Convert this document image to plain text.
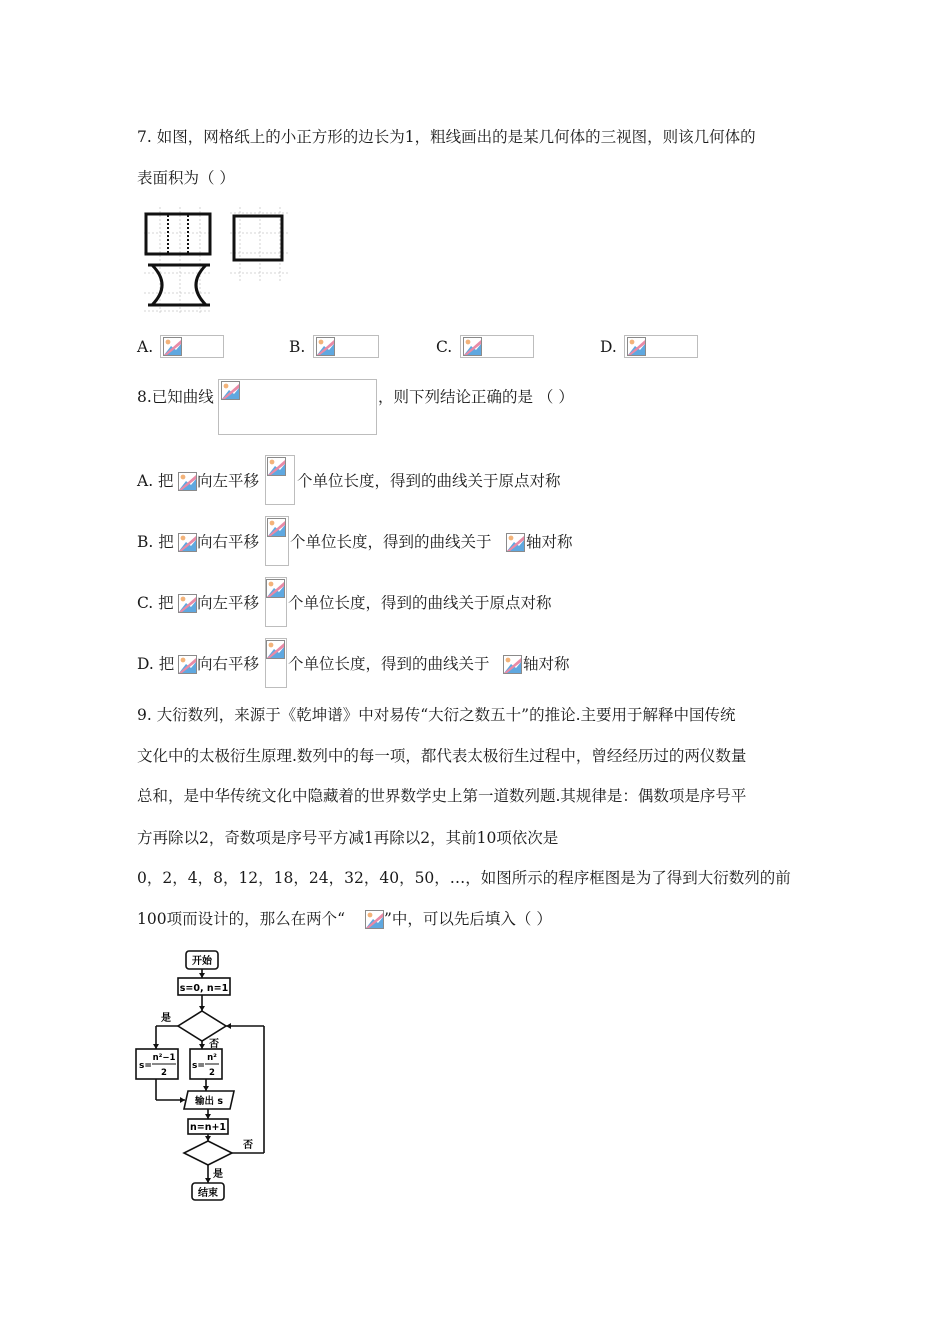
7. 如图，网格纸上的小正方形的边长为1，粗线画出的是某几何体的三视图，则该几何体的
表面积为（ ）
A.	B.	C.	D.
8.已知曲线	，则下列结论正确的是 （ ）
A. 把 向左平移 个单位长度，得到的曲线关于原点对称
B. 把 向右平移 个单位长度，得到的曲线关于 轴对称
C. 把 向左平移 个单位长度，得到的曲线关于原点对称
D. 把 向右平移 个单位长度，得到的曲线关于 轴对称
9. 大衍数列，来源于《乾坤谱》中对易传“大衍之数五十”的推论.主要用于解释中国传统
文化中的太极衍生原理.数列中的每一项，都代表太极衍生过程中，曾经经历过的两仪数量
总和，是中华传统文化中隐藏着的世界数学史上第一道数列题.其规律是：偶数项是序号平
方再除以2，奇数项是序号平方减1再除以2，其前10项依次是
0，2，4，8，12，18，24，32，40，50，…，如图所示的程序框图是为了得到大衍数列的前
100项而设计的，那么在两个“	”中，可以先后填入（ ）
开始
s=0, n=1
是
否
s=
n²−1
2
s=
n²
2
输出 s
n=n+1
否
是
结束
